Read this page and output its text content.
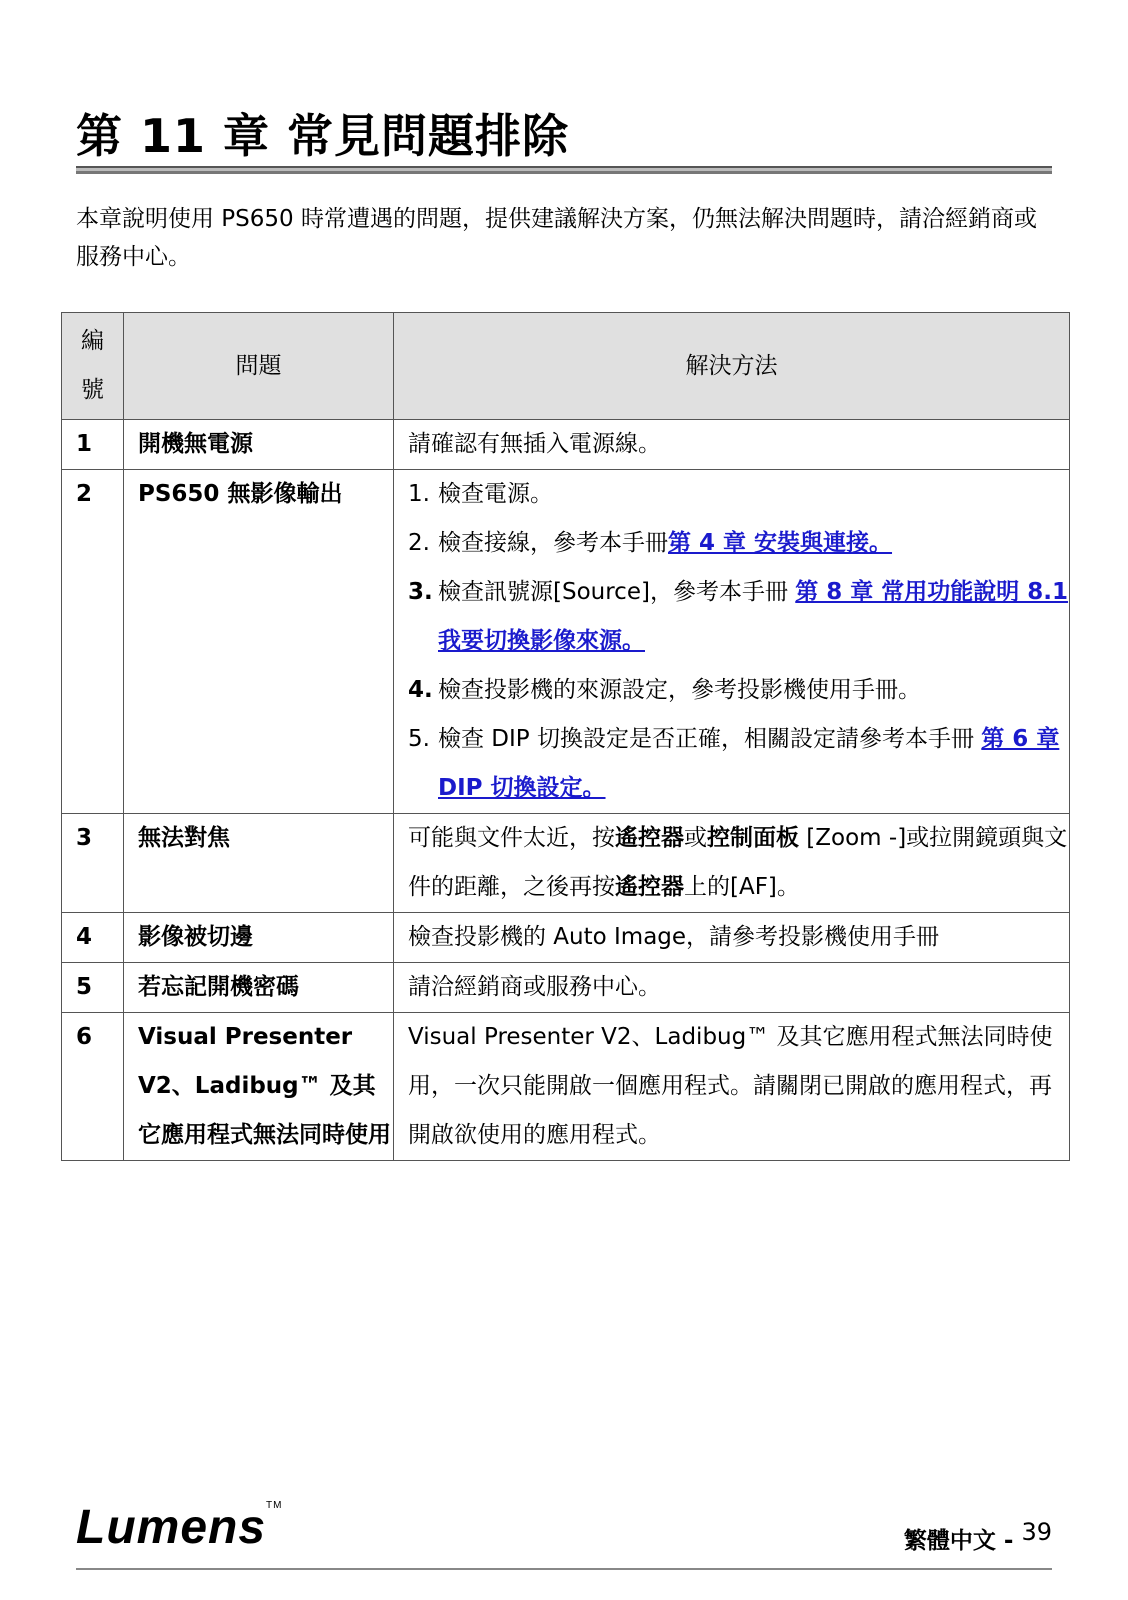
第 11 章 常見問題排除
本章說明使用 PS650 時常遭遇的問題，提供建議解決方案，仍無法解決問題時，請洽經銷商或服務中心。
編號	問題	解決方法
1	開機無電源	請確認有無插入電源線。
2	PS650 無影像輸出	1. 檢查電源。
2. 檢查接線，參考本手冊第 4 章 安裝與連接。
3. 檢查訊號源[Source]，參考本手冊 第 8 章 常用功能說明 8.1 我要切換影像來源。
4. 檢查投影機的來源設定，參考投影機使用手冊。
5. 檢查 DIP 切換設定是否正確，相關設定請參考本手冊 第 6 章 DIP 切換設定。

3	無法對焦	可能與文件太近，按遙控器或控制面板 [Zoom -]或拉開鏡頭與文件的距離，之後再按遙控器上的[AF]。
4	影像被切邊	檢查投影機的 Auto Image，請參考投影機使用手冊
5	若忘記開機密碼	請洽經銷商或服務中心。
6	Visual Presenter V2、Ladibug™ 及其它應用程式無法同時使用	Visual Presenter V2、Ladibug™ 及其它應用程式無法同時使用，一次只能開啟一個應用程式。請關閉已開啟的應用程式，再開啟欲使用的應用程式。
Lumens™
繁體中文 - 39
